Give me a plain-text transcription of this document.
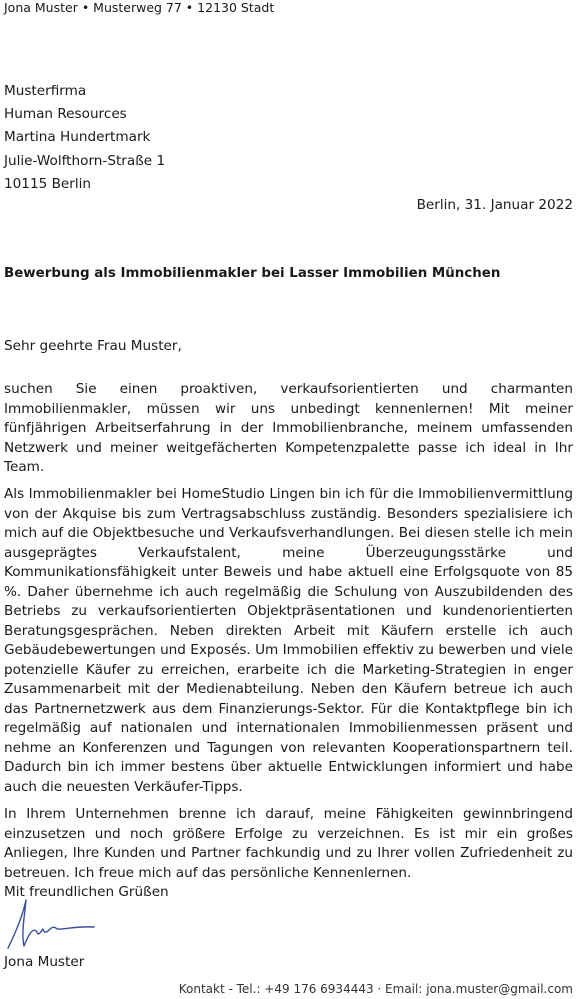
Jona Muster • Musterweg 77 • 12130 Stadt
Musterfirma
Human Resources
Martina Hundertmark
Julie-Wolfthorn-Straße 1
10115 Berlin
Berlin, 31. Januar 2022
Bewerbung als Immobilienmakler bei Lasser Immobilien München
Sehr geehrte Frau Muster,
suchen Sie einen proaktiven, verkaufsorientierten und charmanten Immobilienmakler, müssen wir uns unbedingt kennenlernen! Mit meiner fünfjährigen Arbeitserfahrung in der Immobilienbranche, meinem umfassenden Netzwerk und meiner weitgefächerten Kompetenzpalette passe ich ideal in Ihr Team.
Als Immobilienmakler bei HomeStudio Lingen bin ich für die Immobilienvermittlung von der Akquise bis zum Vertragsabschluss zuständig. Besonders spezialisiere ich mich auf die Objektbesuche und Verkaufsverhandlungen. Bei diesen stelle ich mein ausgeprägtes Verkaufstalent, meine Überzeugungsstärke und Kommunikationsfähigkeit unter Beweis und habe aktuell eine Erfolgsquote von 85 %. Daher übernehme ich auch regelmäßig die Schulung von Auszubildenden des Betriebs zu verkaufsorientierten Objektpräsentationen und kundenorientierten Beratungsgesprächen. Neben direkten Arbeit mit Käufern erstelle ich auch Gebäudebewertungen und Exposés. Um Immobilien effektiv zu bewerben und viele potenzielle Käufer zu erreichen, erarbeite ich die Marketing-Strategien in enger Zusammenarbeit mit der Medienabteilung. Neben den Käufern betreue ich auch das Partnernetzwerk aus dem Finanzierungs-Sektor. Für die Kontaktpflege bin ich regelmäßig auf nationalen und internationalen Immobilienmessen präsent und nehme an Konferenzen und Tagungen von relevanten Kooperationspartnern teil. Dadurch bin ich immer bestens über aktuelle Entwicklungen informiert und habe auch die neuesten Verkäufer-Tipps.
In Ihrem Unternehmen brenne ich darauf, meine Fähigkeiten gewinnbringend einzusetzen und noch größere Erfolge zu verzeichnen. Es ist mir ein großes Anliegen, Ihre Kunden und Partner fachkundig und zu Ihrer vollen Zufriedenheit zu betreuen. Ich freue mich auf das persönliche Kennenlernen.
Mit freundlichen Grüßen
Jona Muster
Kontakt - Tel.: +49 176 6934443 · Email: jona.muster@gmail.com
